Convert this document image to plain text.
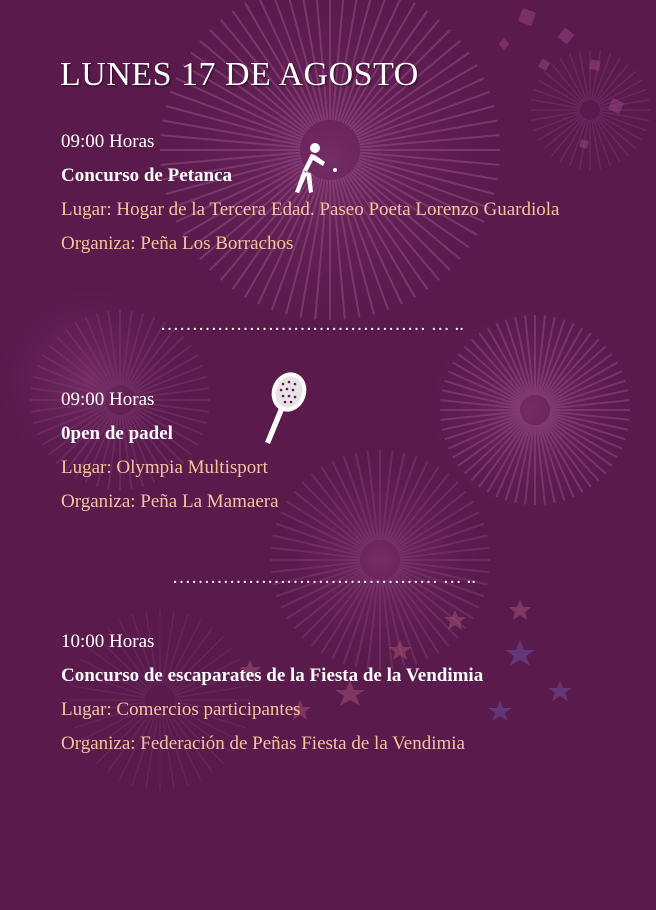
LUNES 17 DE AGOSTO

09:00 Horas

Concurso de Petanca

Lugar: Hogar de la Tercera Edad. Paseo Poeta Lorenzo Guardiola

Organiza: Peña Los Borrachos

…………………………………… … ..

09:00 Horas

0pen de padel

Lugar: Olympia Multisport

Organiza: Peña La Mamaera

…………………………………… … ..

10:00 Horas

Concurso de escaparates de la Fiesta de la Vendimia

Lugar: Comercios participantes

Organiza: Federación de Peñas Fiesta de la Vendimia
